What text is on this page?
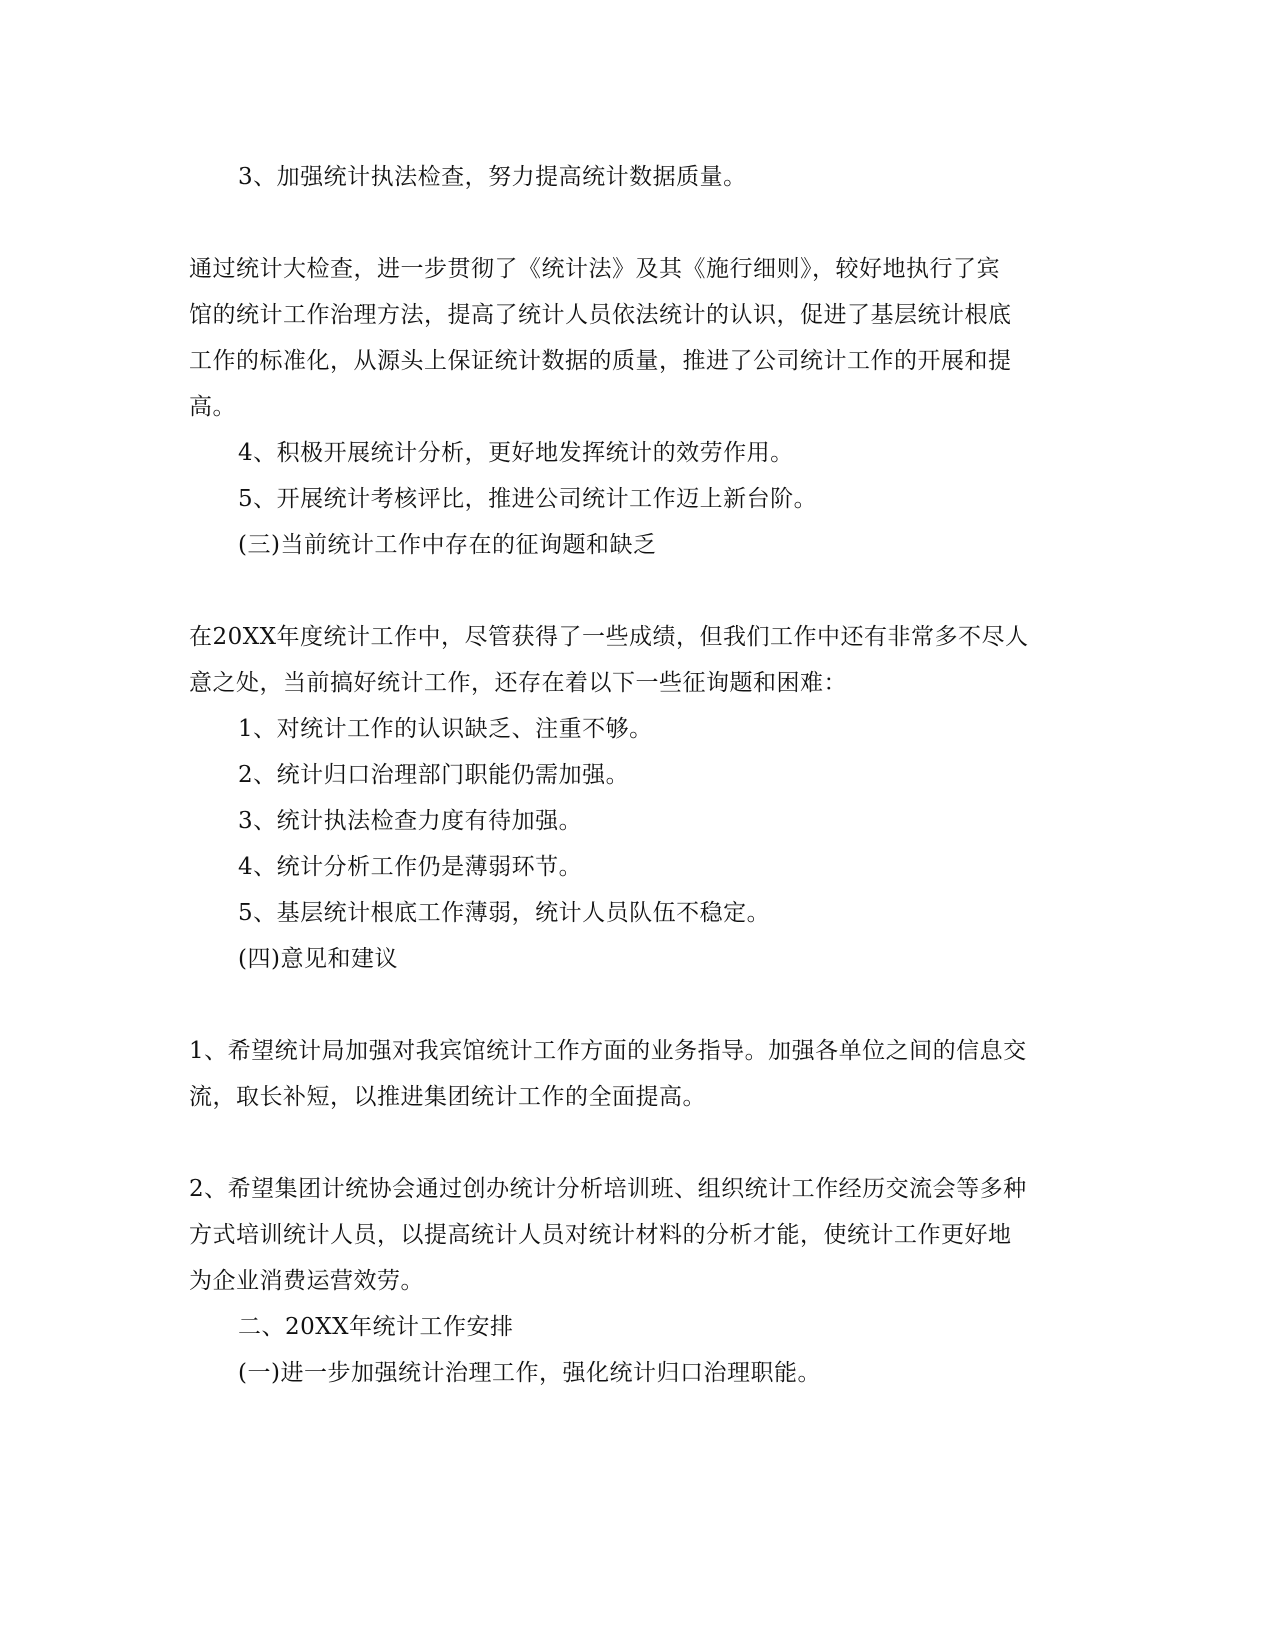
3、加强统计执法检查，努力提高统计数据质量。
通过统计大检查，进一步贯彻了《统计法》及其《施行细则》，较好地执行了宾
馆的统计工作治理方法，提高了统计人员依法统计的认识，促进了基层统计根底
工作的标准化，从源头上保证统计数据的质量，推进了公司统计工作的开展和提
高。
4、积极开展统计分析，更好地发挥统计的效劳作用。
5、开展统计考核评比，推进公司统计工作迈上新台阶。
(三)当前统计工作中存在的征询题和缺乏
在20XX年度统计工作中，尽管获得了一些成绩，但我们工作中还有非常多不尽人
意之处，当前搞好统计工作，还存在着以下一些征询题和困难：
1、对统计工作的认识缺乏、注重不够。
2、统计归口治理部门职能仍需加强。
3、统计执法检查力度有待加强。
4、统计分析工作仍是薄弱环节。
5、基层统计根底工作薄弱，统计人员队伍不稳定。
(四)意见和建议
1、希望统计局加强对我宾馆统计工作方面的业务指导。加强各单位之间的信息交
流，取长补短，以推进集团统计工作的全面提高。
2、希望集团计统协会通过创办统计分析培训班、组织统计工作经历交流会等多种
方式培训统计人员，以提高统计人员对统计材料的分析才能，使统计工作更好地
为企业消费运营效劳。
二、20XX年统计工作安排
(一)进一步加强统计治理工作，强化统计归口治理职能。
